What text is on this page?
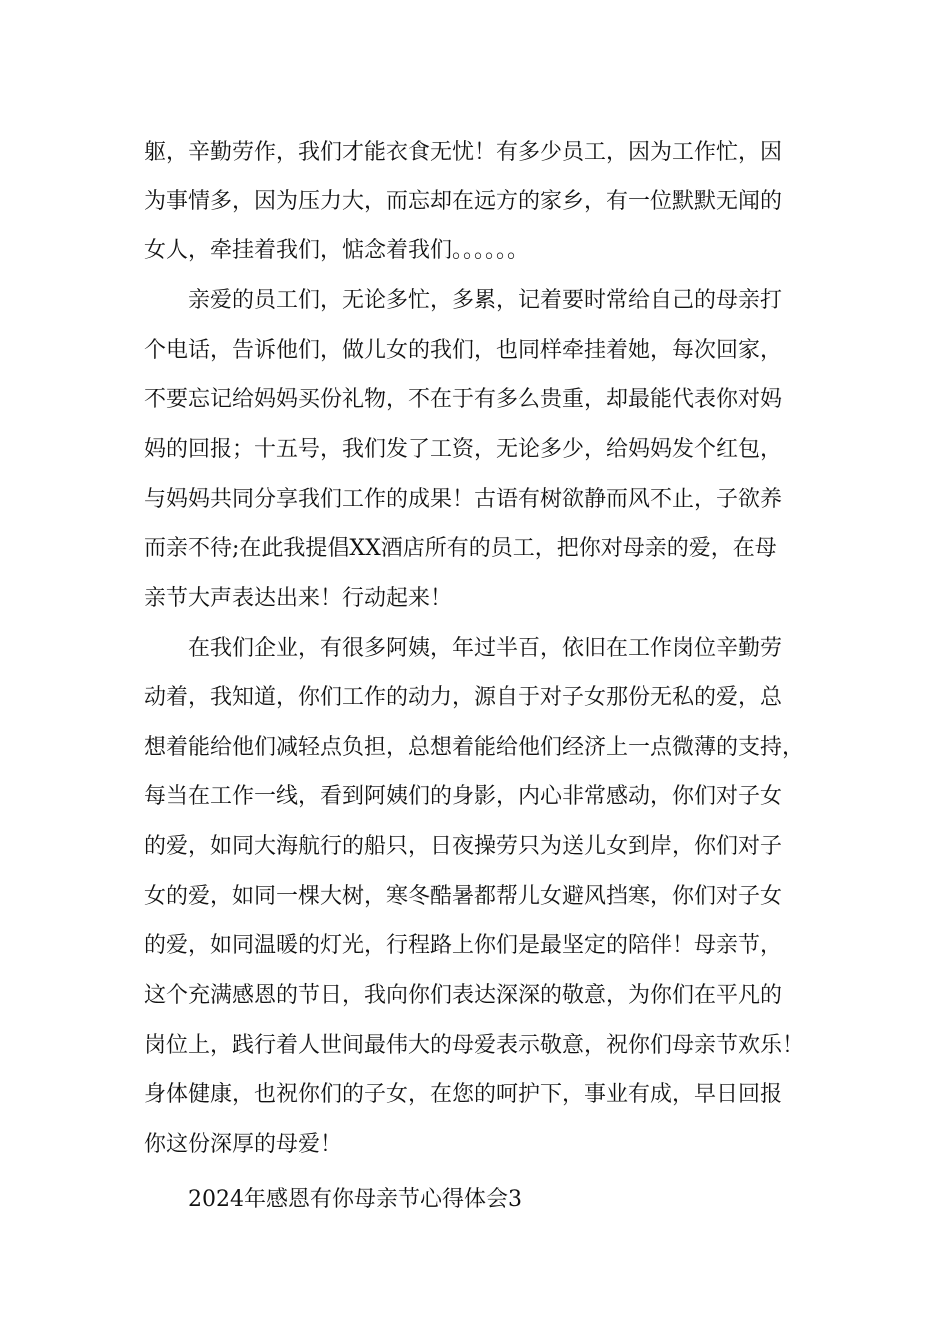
躯，辛勤劳作，我们才能衣食无忧！有多少员工，因为工作忙，因

为事情多，因为压力大，而忘却在远方的家乡，有一位默默无闻的

女人，牵挂着我们，惦念着我们。。。。。。

亲爱的员工们，无论多忙，多累，记着要时常给自己的母亲打

个电话，告诉他们，做儿女的我们，也同样牵挂着她，每次回家，

不要忘记给妈妈买份礼物，不在于有多么贵重，却最能代表你对妈

妈的回报；十五号，我们发了工资，无论多少，给妈妈发个红包，

与妈妈共同分享我们工作的成果！古语有树欲静而风不止，子欲养

而亲不待;在此我提倡XX酒店所有的员工，把你对母亲的爱，在母

亲节大声表达出来！行动起来！

在我们企业，有很多阿姨，年过半百，依旧在工作岗位辛勤劳

动着，我知道，你们工作的动力，源自于对子女那份无私的爱，总

想着能给他们减轻点负担，总想着能给他们经济上一点微薄的支持，

每当在工作一线，看到阿姨们的身影，内心非常感动，你们对子女

的爱，如同大海航行的船只，日夜操劳只为送儿女到岸，你们对子

女的爱，如同一棵大树，寒冬酷暑都帮儿女避风挡寒，你们对子女

的爱，如同温暖的灯光，行程路上你们是最坚定的陪伴！母亲节，

这个充满感恩的节日，我向你们表达深深的敬意，为你们在平凡的

岗位上，践行着人世间最伟大的母爱表示敬意，祝你们母亲节欢乐！

身体健康，也祝你们的子女，在您的呵护下，事业有成，早日回报

你这份深厚的母爱！

2024年感恩有你母亲节心得体会3
